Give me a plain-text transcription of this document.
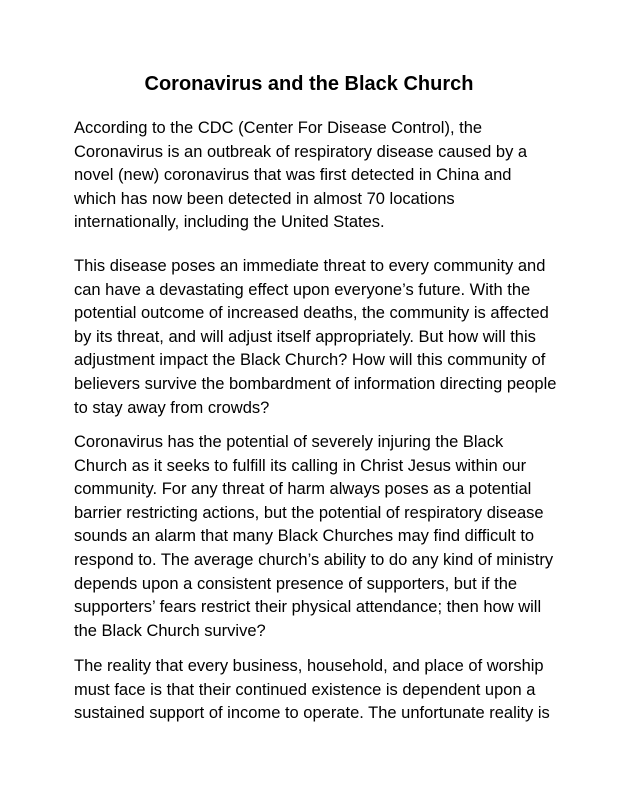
Coronavirus and the Black Church

According to the CDC (Center For Disease Control), the
Coronavirus is an outbreak of respiratory disease caused by a
novel (new) coronavirus that was first detected in China and
which has now been detected in almost 70 locations
internationally, including the United States.

This disease poses an immediate threat to every community and
can have a devastating effect upon everyone’s future. With the
potential outcome of increased deaths, the community is affected
by its threat, and will adjust itself appropriately. But how will this
adjustment impact the Black Church? How will this community of
believers survive the bombardment of information directing people
to stay away from crowds?

Coronavirus has the potential of severely injuring the Black
Church as it seeks to fulfill its calling in Christ Jesus within our
community. For any threat of harm always poses as a potential
barrier restricting actions, but the potential of respiratory disease
sounds an alarm that many Black Churches may find difficult to
respond to. The average church’s ability to do any kind of ministry
depends upon a consistent presence of supporters, but if the
supporters’ fears restrict their physical attendance; then how will
the Black Church survive?

The reality that every business, household, and place of worship
must face is that their continued existence is dependent upon a
sustained support of income to operate. The unfortunate reality is
